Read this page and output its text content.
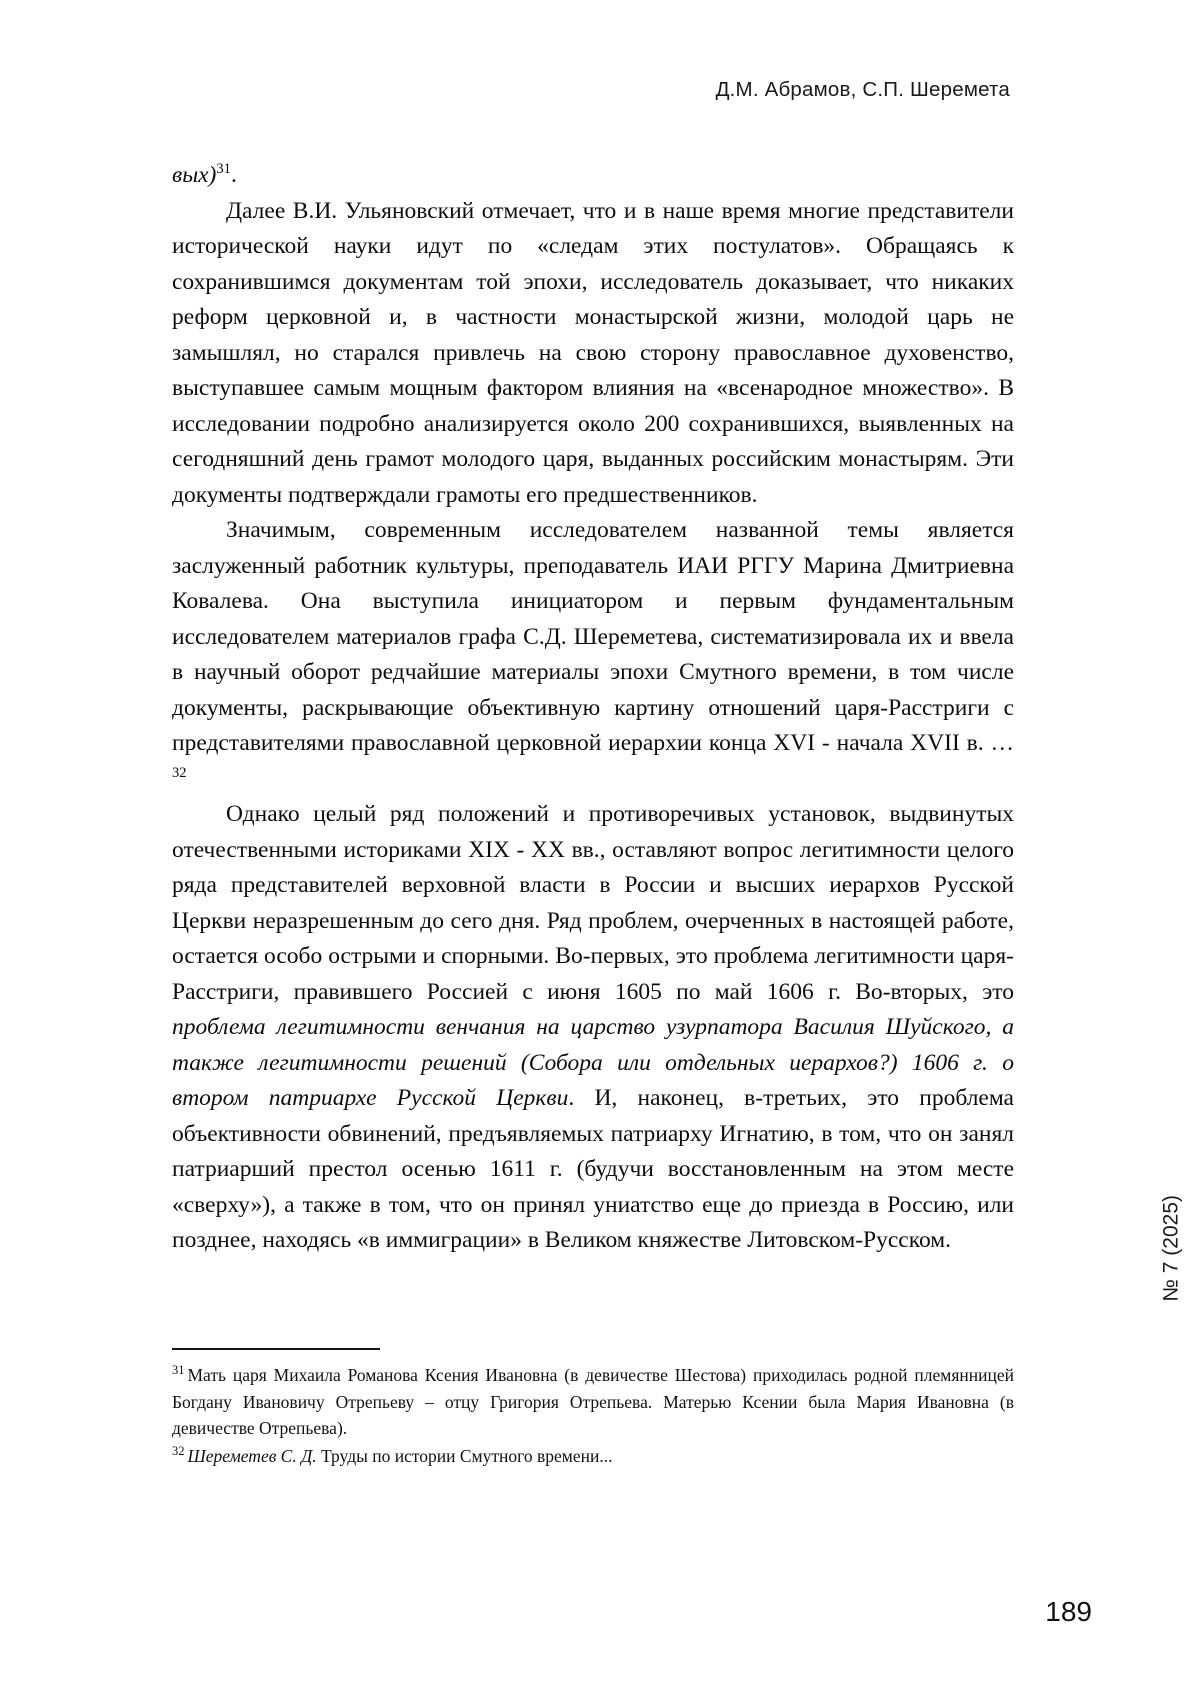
Д.М. Абрамов, С.П. Шеремета

вых)$^{31}$.

Далее В.И. Ульяновский отмечает, что и в наше время многие представители исторической науки идут по «следам этих постулатов». Обращаясь к сохранившимся документам той эпохи, исследователь доказывает, что никаких реформ церковной и, в частности монастырской жизни, молодой царь не замышлял, но старался привлечь на свою сторону православное духовенство, выступавшее самым мощным фактором влияния на «всенародное множество». В исследовании подробно анализируется около 200 сохранившихся, выявленных на сегодняшний день грамот молодого царя, выданных российским монастырям. Эти документы подтверждали грамоты его предшественников.

Значимым, современным исследователем названной темы является заслуженный работник культуры, преподаватель ИАИ РГГУ Марина Дмитриевна Ковалева. Она выступила инициатором и первым фундаментальным исследователем материалов графа С.Д. Шереметева, систематизировала их и ввела в научный оборот редчайшие материалы эпохи Смутного времени, в том числе документы, раскрывающие объективную картину отношений царя-Расстриги с представителями православной церковной иерархии конца XVI - начала XVII в. …$^{32}$

Однако целый ряд положений и противоречивых установок, выдвинутых отечественными историками XIX - XX вв., оставляют вопрос легитимности целого ряда представителей верховной власти в России и высших иерархов Русской Церкви неразрешенным до сего дня. Ряд проблем, очерченных в настоящей работе, остается особо острыми и спорными. Во-первых, это проблема легитимности царя-Расстриги, правившего Россией с июня 1605 по май 1606 г. Во-вторых, это проблема легитимности венчания на царство узурпатора Василия Шуйского, а также легитимности решений (Собора или отдельных иерархов?) 1606 г. о втором патриархе Русской Церкви. И, наконец, в-третьих, это проблема объективности обвинений, предъявляемых патриарху Игнатию, в том, что он занял патриарший престол осенью 1611 г. (будучи восстановленным на этом месте «сверху»), а также в том, что он принял униатство еще до приезда в Россию, или позднее, находясь «в иммиграции» в Великом княжестве Литовском-Русском.

$^{31}$ Мать царя Михаила Романова Ксения Ивановна (в девичестве Шестова) приходилась родной племянницей Богдану Ивановичу Отрепьеву – отцу Григория Отрепьева. Матерью Ксении была Мария Ивановна (в девичестве Отрепьева).

$^{32}$ Шереметев С. Д. Труды по истории Смутного времени...

№ 7 (2025)
189
